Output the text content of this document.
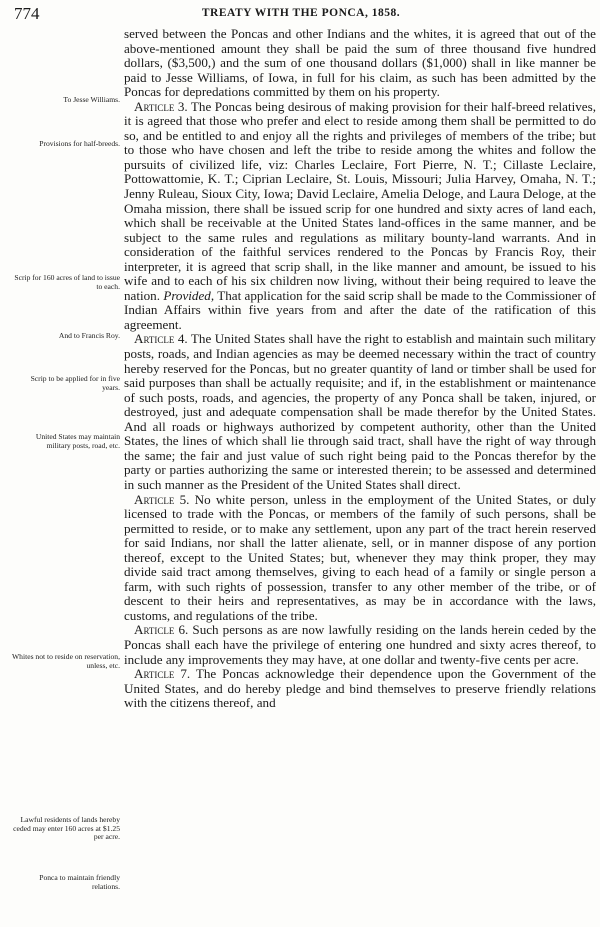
774	TREATY WITH THE PONCA, 1858.
To Jesse Williams.
Provisions for half-breeds.
Scrip for 160 acres of land to issue to each.
And to Francis Roy.
Scrip to be applied for in five years.
United States may maintain military posts, road, etc.
Whites not to reside on reservation, unless, etc.
Lawful residents of lands hereby ceded may enter 160 acres at $1.25 per acre.
Ponca to maintain friendly relations.

served between the Poncas and other Indians and the whites, it is agreed that out of the above-mentioned amount they shall be paid the sum of three thousand five hundred dollars, ($3,500,) and the sum of one thousand dollars ($1,000) shall in like manner be paid to Jesse Williams, of Iowa, in full for his claim, as such has been admitted by the Poncas for depredations committed by them on his property.

Article 3. The Poncas being desirous of making provision for their half-breed relatives, it is agreed that those who prefer and elect to reside among them shall be permitted to do so, and be entitled to and enjoy all the rights and privileges of members of the tribe; but to those who have chosen and left the tribe to reside among the whites and follow the pursuits of civilized life, viz: Charles Leclaire, Fort Pierre, N. T.; Cillaste Leclaire, Pottowattomie, K. T.; Ciprian Leclaire, St. Louis, Missouri; Julia Harvey, Omaha, N. T.; Jenny Ruleau, Sioux City, Iowa; David Leclaire, Amelia Deloge, and Laura Deloge, at the Omaha mission, there shall be issued scrip for one hundred and sixty acres of land each, which shall be receivable at the United States land-offices in the same manner, and be subject to the same rules and regulations as military bounty-land warrants. And in consideration of the faithful services rendered to the Poncas by Francis Roy, their interpreter, it is agreed that scrip shall, in the like manner and amount, be issued to his wife and to each of his six children now living, without their being required to leave the nation. Provided, That application for the said scrip shall be made to the Commissioner of Indian Affairs within five years from and after the date of the ratification of this agreement.

Article 4. The United States shall have the right to establish and maintain such military posts, roads, and Indian agencies as may be deemed necessary within the tract of country hereby reserved for the Poncas, but no greater quantity of land or timber shall be used for said purposes than shall be actually requisite; and if, in the establishment or maintenance of such posts, roads, and agencies, the property of any Ponca shall be taken, injured, or destroyed, just and adequate compensation shall be made therefor by the United States. And all roads or highways authorized by competent authority, other than the United States, the lines of which shall lie through said tract, shall have the right of way through the same; the fair and just value of such right being paid to the Poncas therefor by the party or parties authorizing the same or interested therein; to be assessed and determined in such manner as the President of the United States shall direct.

Article 5. No white person, unless in the employment of the United States, or duly licensed to trade with the Poncas, or members of the family of such persons, shall be permitted to reside, or to make any settlement, upon any part of the tract herein reserved for said Indians, nor shall the latter alienate, sell, or in manner dispose of any portion thereof, except to the United States; but, whenever they may think proper, they may divide said tract among themselves, giving to each head of a family or single person a farm, with such rights of possession, transfer to any other member of the tribe, or of descent to their heirs and representatives, as may be in accordance with the laws, customs, and regulations of the tribe.

Article 6. Such persons as are now lawfully residing on the lands herein ceded by the Poncas shall each have the privilege of entering one hundred and sixty acres thereof, to include any improvements they may have, at one dollar and twenty-five cents per acre.

Article 7. The Poncas acknowledge their dependence upon the Government of the United States, and do hereby pledge and bind themselves to preserve friendly relations with the citizens thereof, and
